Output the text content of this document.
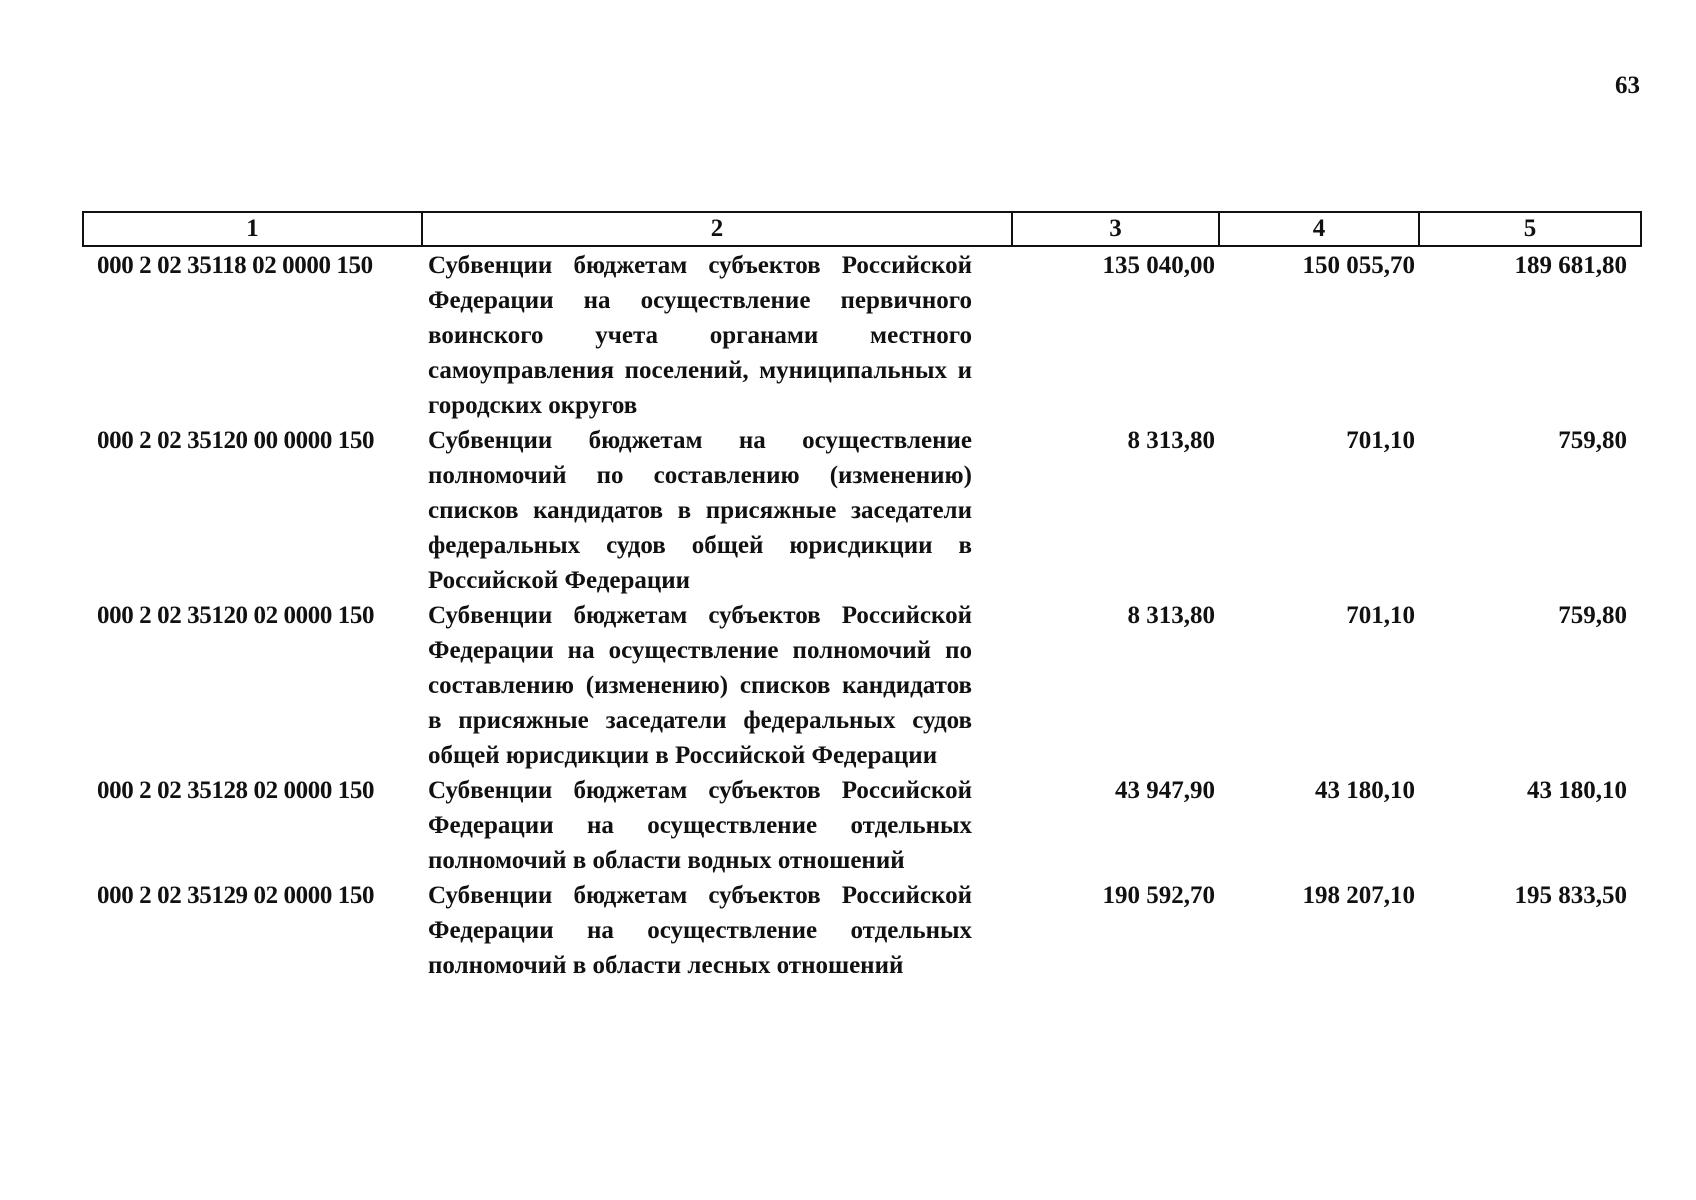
63
1	2	3	4	5
000 2 02 35118 02 0000 150	Субвенции бюджетам субъектов Российской Федерации на осуществление первичного воинского учета органами местного самоуправления поселений, муниципальных и городских округов	135 040,00	150 055,70	189 681,80
000 2 02 35120 00 0000 150	Субвенции бюджетам на осуществление полномочий по составлению (изменению) списков кандидатов в присяжные заседатели федеральных судов общей юрисдикции в Российской Федерации	8 313,80	701,10	759,80
000 2 02 35120 02 0000 150	Субвенции бюджетам субъектов Российской Федерации на осуществление полномочий по составлению (изменению) списков кандидатов в присяжные заседатели федеральных судов общей юрисдикции в Российской Федерации	8 313,80	701,10	759,80
000 2 02 35128 02 0000 150	Субвенции бюджетам субъектов Российской Федерации на осуществление отдельных полномочий в области водных отношений	43 947,90	43 180,10	43 180,10
000 2 02 35129 02 0000 150	Субвенции бюджетам субъектов Российской Федерации на осуществление отдельных полномочий в области лесных отношений	190 592,70	198 207,10	195 833,50
